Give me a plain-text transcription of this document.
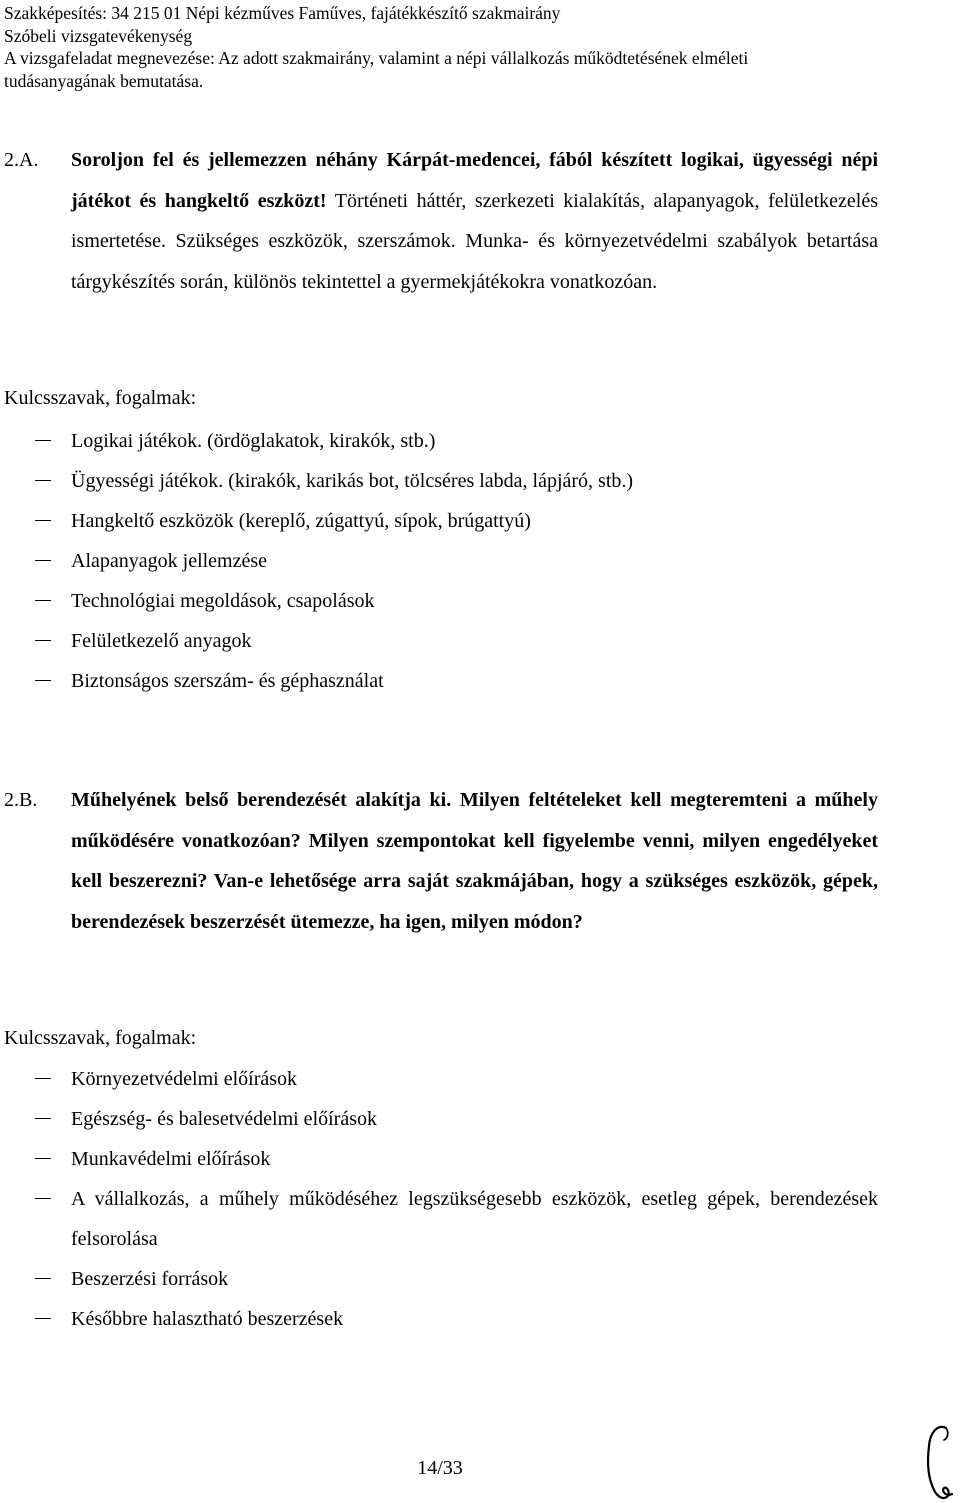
Szakképesítés: 34 215 01 Népi kézműves Faműves, fajátékkészítő szakmairány
Szóbeli vizsgatevékenység
A vizsgafeladat megnevezése: Az adott szakmairány, valamint a népi vállalkozás működtetésének elméleti
tudásanyagának bemutatása.
2.A. Soroljon fel és jellemezzen néhány Kárpát-medencei, fából készített logikai, ügyességi népi játékot és hangkeltő eszközt! Történeti háttér, szerkezeti kialakítás, alapanyagok, felületkezelés ismertetése. Szükséges eszközök, szerszámok. Munka- és környezetvédelmi szabályok betartása tárgykészítés során, különös tekintettel a gyermekjátékokra vonatkozóan.
Kulcsszavak, fogalmak:
Logikai játékok. (ördöglakatok, kirakók, stb.)
Ügyességi játékok. (kirakók, karikás bot, tölcséres labda, lápjáró, stb.)
Hangkeltő eszközök (kereplő, zúgattyú, sípok, brúgattyú)
Alapanyagok jellemzése
Technológiai megoldások, csapolások
Felületkezelő anyagok
Biztonságos szerszám- és géphasználat
2.B. Műhelyének belső berendezését alakítja ki. Milyen feltételeket kell megteremteni a műhely működésére vonatkozóan? Milyen szempontokat kell figyelembe venni, milyen engedélyeket kell beszerezni? Van-e lehetősége arra saját szakmájában, hogy a szükséges eszközök, gépek, berendezések beszerzését ütemezze, ha igen, milyen módon?
Kulcsszavak, fogalmak:
Környezetvédelmi előírások
Egészség- és balesetvédelmi előírások
Munkavédelmi előírások
A vállalkozás, a műhely működéséhez legszükségesebb eszközök, esetleg gépek, berendezések felsorolása
Beszerzési források
Későbbre halasztható beszerzések
14/33
